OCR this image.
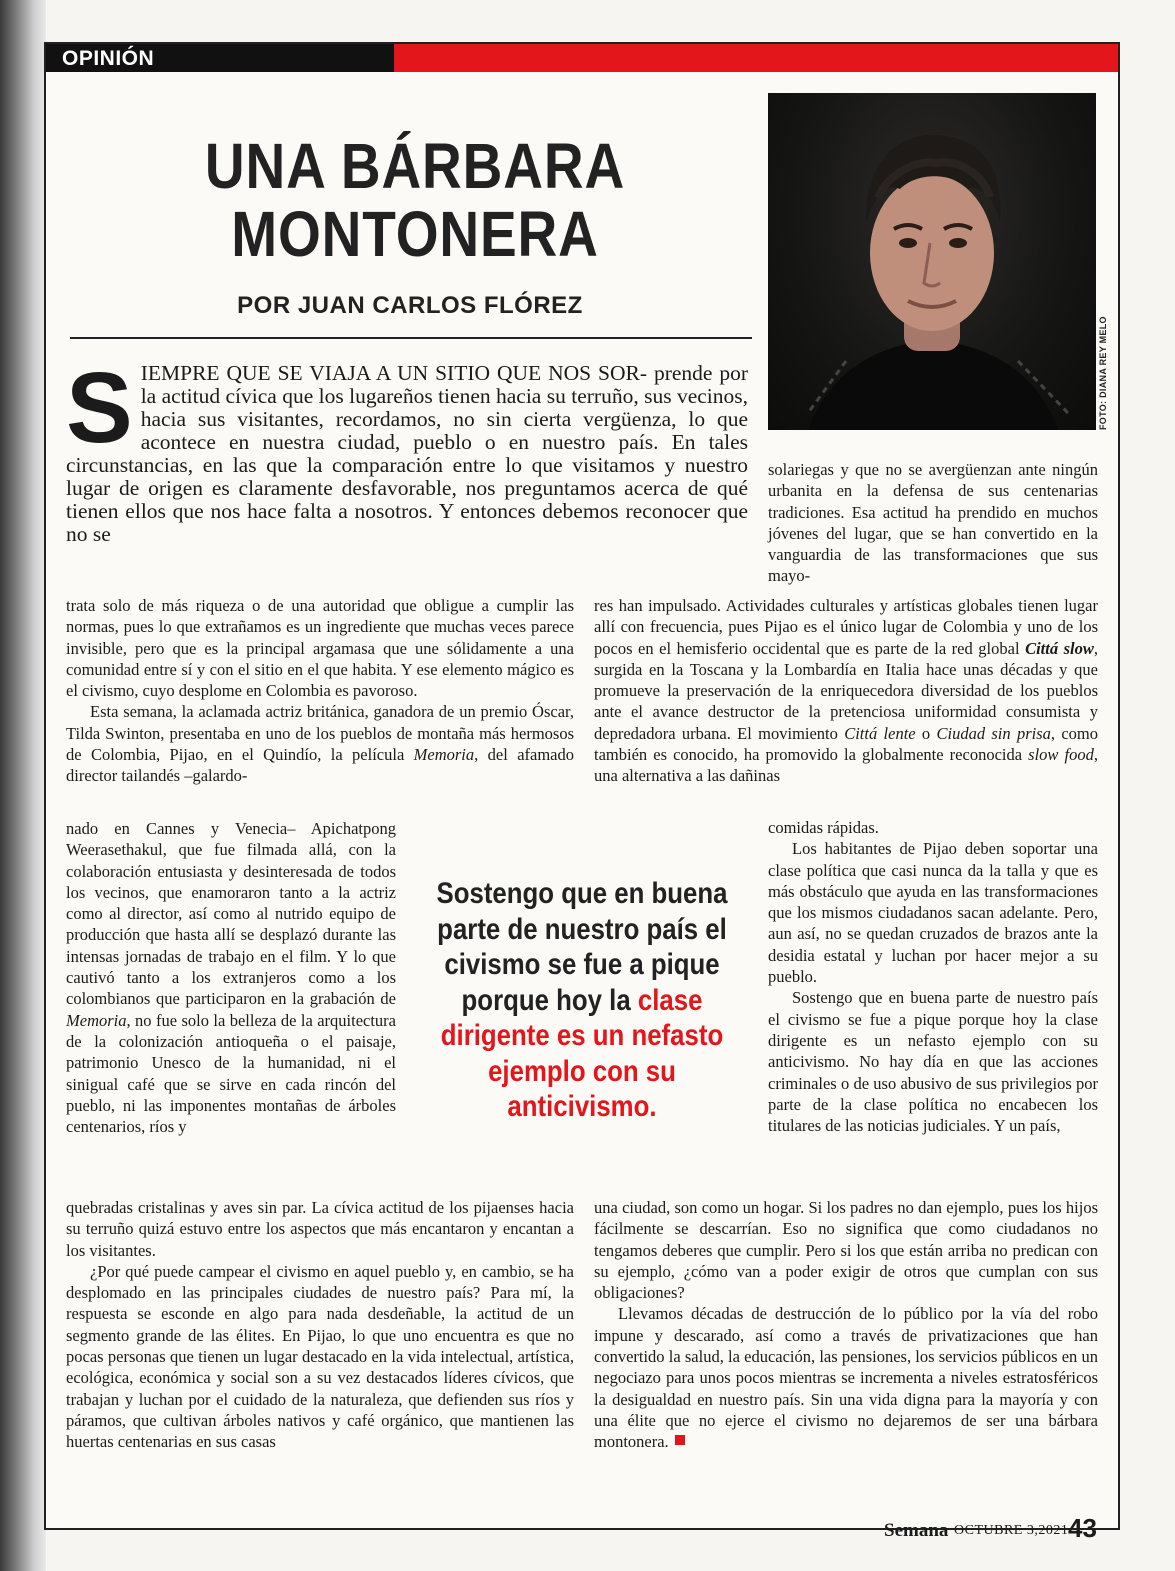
OPINIÓN
UNA BÁRBARA MONTONERA
POR JUAN CARLOS FLÓREZ
FOTO: DIANA REY MELO
S IEMPRE QUE SE VIAJA A UN SITIO QUE NOS SOR- prende por la actitud cívica que los lugareños tienen hacia su terruño, sus vecinos, hacia sus visitantes, recordamos, no sin cierta vergüenza, lo que acontece en nuestra ciudad, pueblo o en nuestro país. En tales circunstancias, en las que la comparación entre lo que visitamos y nuestro lugar de origen es claramente desfavorable, nos preguntamos acerca de qué tienen ellos que nos hace falta a nosotros. Y entonces debemos reconocer que no se

trata solo de más riqueza o de una autoridad que obligue a cumplir las normas, pues lo que extrañamos es un ingrediente que muchas veces parece invisible, pero que es la principal argamasa que une sólidamente a una comunidad entre sí y con el sitio en el que habita. Y ese elemento mágico es el civismo, cuyo desplome en Colombia es pavoroso.

Esta semana, la aclamada actriz británica, ganadora de un premio Óscar, Tilda Swinton, presentaba en uno de los pueblos de montaña más hermosos de Colombia, Pijao, en el Quindío, la película Memoria, del afamado director tailandés –galardo-

nado en Cannes y Venecia– Apichatpong Weerasethakul, que fue filmada allá, con la colaboración entusiasta y desinteresada de todos los vecinos, que enamoraron tanto a la actriz como al director, así como al nutrido equipo de producción que hasta allí se desplazó durante las intensas jornadas de trabajo en el film. Y lo que cautivó tanto a los extranjeros como a los colombianos que participaron en la grabación de Memoria, no fue solo la belleza de la arquitectura de la colonización antioqueña o el paisaje, patrimonio Unesco de la humanidad, ni el sinigual café que se sirve en cada rincón del pueblo, ni las imponentes montañas de árboles centenarios, ríos y

quebradas cristalinas y aves sin par. La cívica actitud de los pijaenses hacia su terruño quizá estuvo entre los aspectos que más encantaron y encantan a los visitantes.

¿Por qué puede campear el civismo en aquel pueblo y, en cambio, se ha desplomado en las principales ciudades de nuestro país? Para mí, la respuesta se esconde en algo para nada desdeñable, la actitud de un segmento grande de las élites. En Pijao, lo que uno encuentra es que no pocas personas que tienen un lugar destacado en la vida intelectual, artística, ecológica, económica y social son a su vez destacados líderes cívicos, que trabajan y luchan por el cuidado de la naturaleza, que defienden sus ríos y páramos, que cultivan árboles nativos y café orgánico, que mantienen las huertas centenarias en sus casas

solariegas y que no se avergüenzan ante ningún urbanita en la defensa de sus centenarias tradiciones. Esa actitud ha prendido en muchos jóvenes del lugar, que se han convertido en la vanguardia de las transformaciones que sus mayo-

res han impulsado. Actividades culturales y artísticas globales tienen lugar allí con frecuencia, pues Pijao es el único lugar de Colombia y uno de los pocos en el hemisferio occidental que es parte de la red global Cittá slow, surgida en la Toscana y la Lombardía en Italia hace unas décadas y que promueve la preservación de la enriquecedora diversidad de los pueblos ante el avance destructor de la pretenciosa uniformidad consumista y depredadora urbana. El movimiento Cittá lente o Ciudad sin prisa, como también es conocido, ha promovido la globalmente reconocida slow food, una alternativa a las dañinas

comidas rápidas.

Los habitantes de Pijao deben soportar una clase política que casi nunca da la talla y que es más obstáculo que ayuda en las transformaciones que los mismos ciudadanos sacan adelante. Pero, aun así, no se quedan cruzados de brazos ante la desidia estatal y luchan por hacer mejor a su pueblo.

Sostengo que en buena parte de nuestro país el civismo se fue a pique porque hoy la clase dirigente es un nefasto ejemplo con su anticivismo. No hay día en que las acciones criminales o de uso abusivo de sus privilegios por parte de la clase política no encabecen los titulares de las noticias judiciales. Y un país,

una ciudad, son como un hogar. Si los padres no dan ejemplo, pues los hijos fácilmente se descarrían. Eso no significa que como ciudadanos no tengamos deberes que cumplir. Pero si los que están arriba no predican con su ejemplo, ¿cómo van a poder exigir de otros que cumplan con sus obligaciones?

Llevamos décadas de destrucción de lo público por la vía del robo impune y descarado, así como a través de privatizaciones que han convertido la salud, la educación, las pensiones, los servicios públicos en un negociazo para unos pocos mientras se incrementa a niveles estratosféricos la desigualdad en nuestro país. Sin una vida digna para la mayoría y con una élite que no ejerce el civismo no dejaremos de ser una bárbara montonera.

Sostengo que en buena parte de nuestro país el civismo se fue a pique porque hoy la clase dirigente es un nefasto ejemplo con su anticivismo.
Semana OCTUBRE 3,2021 43
